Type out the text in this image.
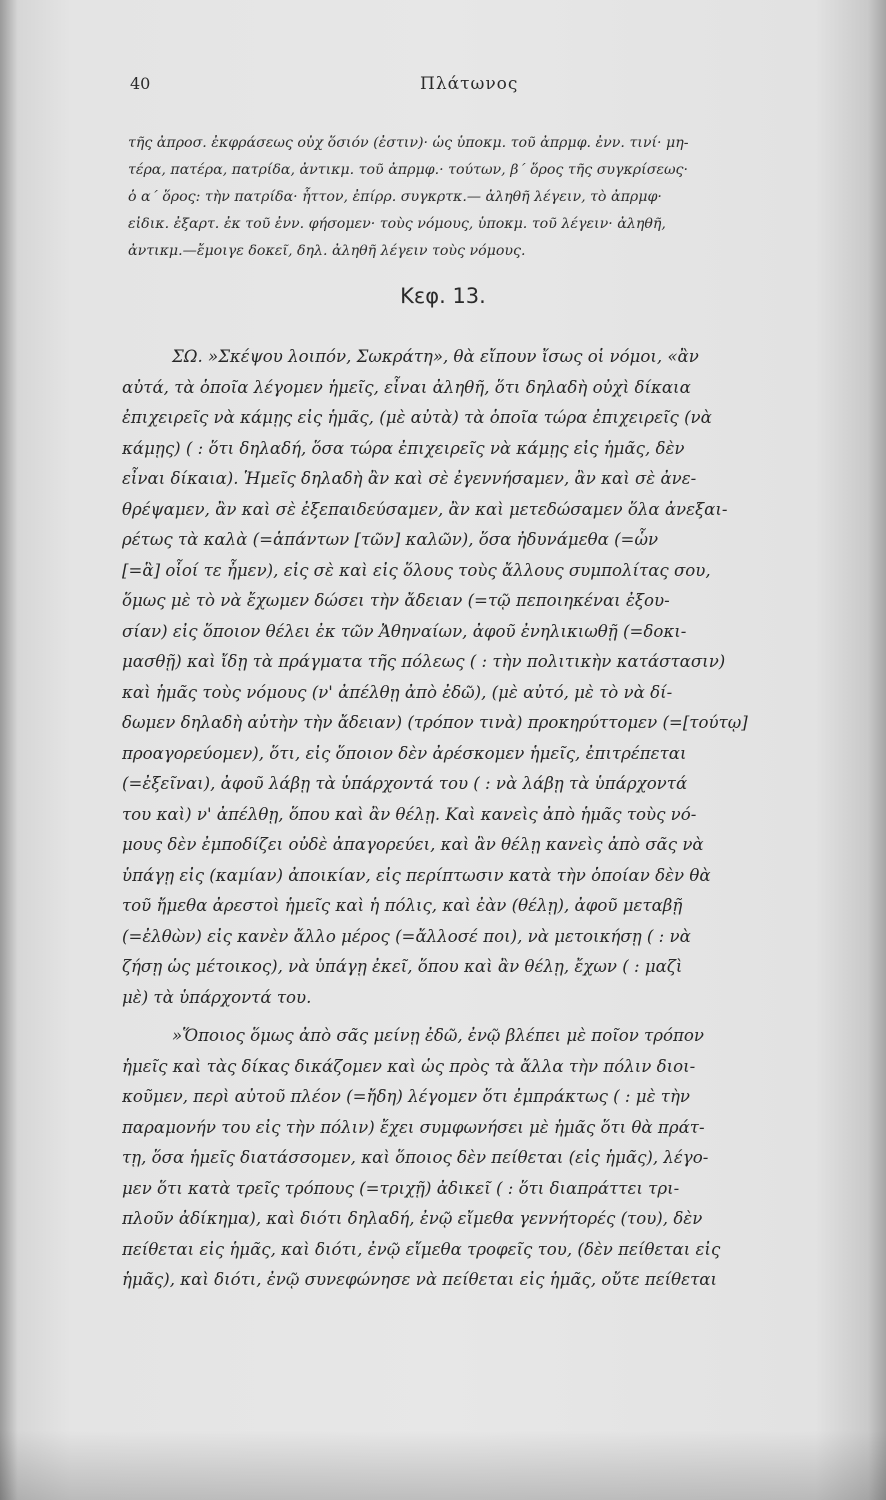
40	Πλάτωνος
τῆς ἀπροσ. ἐκφράσεως οὐχ ὅσιόν (ἐστιν)· ὡς ὑποκμ. τοῦ ἀπρμφ. ἐνν. τινί· μη-
τέρα, πατέρα, πατρίδα, ἀντικμ. τοῦ ἀπρμφ.· τούτων, β΄ ὅρος τῆς συγκρίσεως·
ὁ α΄ ὅρος: τὴν πατρίδα· ἧττον, ἐπίρρ. συγκρτκ.— ἀληθῆ λέγειν, τὸ ἀπρμφ·
εἰδικ. ἐξαρτ. ἐκ τοῦ ἐνν. φήσομεν· τοὺς νόμους, ὑποκμ. τοῦ λέγειν· ἀληθῆ,
ἀντικμ.—ἔμοιγε δοκεῖ, δηλ. ἀληθῆ λέγειν τοὺς νόμους.
Κεφ. 13.
ΣΩ. »Σκέψου λοιπόν, Σωκράτη», θὰ εἴπουν ἴσως οἱ νόμοι, «ἂν
αὐτά, τὰ ὁποῖα λέγομεν ἡμεῖς, εἶναι ἀληθῆ, ὅτι δηλαδὴ οὐχὶ δίκαια
ἐπιχειρεῖς νὰ κάμῃς εἰς ἡμᾶς, (μὲ αὐτὰ) τὰ ὁποῖα τώρα ἐπιχειρεῖς (νὰ
κάμῃς) ( : ὅτι δηλαδή, ὅσα τώρα ἐπιχειρεῖς νὰ κάμῃς εἰς ἡμᾶς, δὲν
εἶναι δίκαια). Ἡμεῖς δηλαδὴ ἂν καὶ σὲ ἐγεννήσαμεν, ἂν καὶ σὲ ἀνε-
θρέψαμεν, ἂν καὶ σὲ ἐξεπαιδεύσαμεν, ἂν καὶ μετεδώσαμεν ὅλα ἀνεξαι-
ρέτως τὰ καλὰ (=ἁπάντων [τῶν] καλῶν), ὅσα ἠδυνάμεθα (=ὧν
[=ἃ] οἷοί τε ἦμεν), εἰς σὲ καὶ εἰς ὅλους τοὺς ἄλλους συμπολίτας σου,
ὅμως μὲ τὸ νὰ ἔχωμεν δώσει τὴν ἄδειαν (=τῷ πεποιηκέναι ἐξου-
σίαν) εἰς ὅποιον θέλει ἐκ τῶν Ἀθηναίων, ἀφοῦ ἐνηλικιωθῇ (=δοκι-
μασθῇ) καὶ ἴδῃ τὰ πράγματα τῆς πόλεως ( : τὴν πολιτικὴν κατάστασιν)
καὶ ἡμᾶς τοὺς νόμους (ν' ἀπέλθῃ ἀπὸ ἐδῶ), (μὲ αὐτό, μὲ τὸ νὰ δί-
δωμεν δηλαδὴ αὐτὴν τὴν ἄδειαν) (τρόπον τινὰ) προκηρύττομεν (=[τούτῳ]
προαγορεύομεν), ὅτι, εἰς ὅποιον δὲν ἀρέσκομεν ἡμεῖς, ἐπιτρέπεται
(=ἐξεῖναι), ἀφοῦ λάβῃ τὰ ὑπάρχοντά του ( : νὰ λάβῃ τὰ ὑπάρχοντά
του καὶ) ν' ἀπέλθῃ, ὅπου καὶ ἂν θέλῃ. Καὶ κανεὶς ἀπὸ ἡμᾶς τοὺς νό-
μους δὲν ἐμποδίζει οὐδὲ ἀπαγορεύει, καὶ ἂν θέλῃ κανεὶς ἀπὸ σᾶς νὰ
ὑπάγῃ εἰς (καμίαν) ἀποικίαν, εἰς περίπτωσιν κατὰ τὴν ὁποίαν δὲν θὰ
τοῦ ἤμεθα ἀρεστοὶ ἡμεῖς καὶ ἡ πόλις, καὶ ἐὰν (θέλῃ), ἀφοῦ μεταβῇ
(=ἐλθὼν) εἰς κανὲν ἄλλο μέρος (=ἄλλοσέ ποι), νὰ μετοικήσῃ ( : νὰ
ζήσῃ ὡς μέτοικος), νὰ ὑπάγῃ ἐκεῖ, ὅπου καὶ ἂν θέλῃ, ἔχων ( : μαζὶ
μὲ) τὰ ὑπάρχοντά του.
»Ὅποιος ὅμως ἀπὸ σᾶς μείνῃ ἐδῶ, ἐνῷ βλέπει μὲ ποῖον τρόπον
ἡμεῖς καὶ τὰς δίκας δικάζομεν καὶ ὡς πρὸς τὰ ἄλλα τὴν πόλιν διοι-
κοῦμεν, περὶ αὐτοῦ πλέον (=ἤδη) λέγομεν ὅτι ἐμπράκτως ( : μὲ τὴν
παραμονήν του εἰς τὴν πόλιν) ἔχει συμφωνήσει μὲ ἡμᾶς ὅτι θὰ πράτ-
τῃ, ὅσα ἡμεῖς διατάσσομεν, καὶ ὅποιος δὲν πείθεται (εἰς ἡμᾶς), λέγο-
μεν ὅτι κατὰ τρεῖς τρόπους (=τριχῇ) ἀδικεῖ ( : ὅτι διαπράττει τρι-
πλοῦν ἀδίκημα), καὶ διότι δηλαδή, ἐνῷ εἴμεθα γεννήτορές (του), δὲν
πείθεται εἰς ἡμᾶς, καὶ διότι, ἐνῷ εἴμεθα τροφεῖς του, (δὲν πείθεται εἰς
ἡμᾶς), καὶ διότι, ἐνῷ συνεφώνησε νὰ πείθεται εἰς ἡμᾶς, οὔτε πείθεται
